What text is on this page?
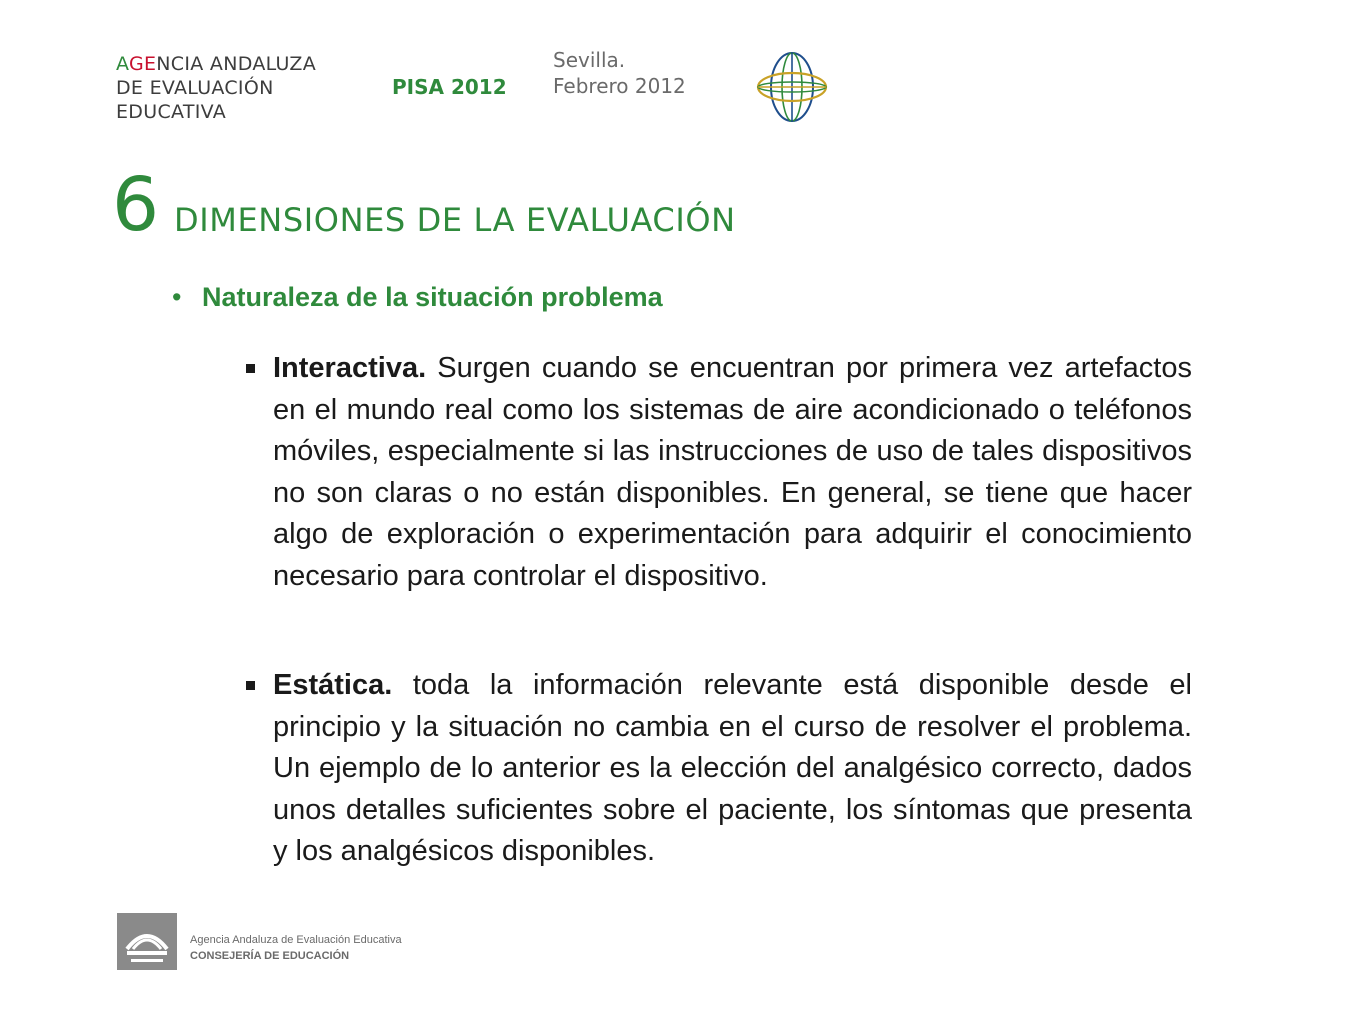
AGENCIA ANDALUZA
DE EVALUACIÓN
EDUCATIVA
PISA 2012
Sevilla.
Febrero 2012
6 DIMENSIONES DE LA EVALUACIÓN
• Naturaleza de la situación problema
Interactiva. Surgen cuando se encuentran por primera vez artefactos en el mundo real como los sistemas de aire acondicionado o teléfonos móviles, especialmente si las instrucciones de uso de tales dispositivos no son claras o no están disponibles. En general, se tiene que hacer algo de exploración o experimentación para adquirir el conocimiento necesario para controlar el dispositivo.
Estática. toda la información relevante está disponible desde el principio y la situación no cambia en el curso de resolver el problema. Un ejemplo de lo anterior es la elección del analgésico correcto, dados unos detalles suficientes sobre el paciente, los síntomas que presenta y los analgésicos disponibles.
Agencia Andaluza de Evaluación Educativa
CONSEJERÍA DE EDUCACIÓN
